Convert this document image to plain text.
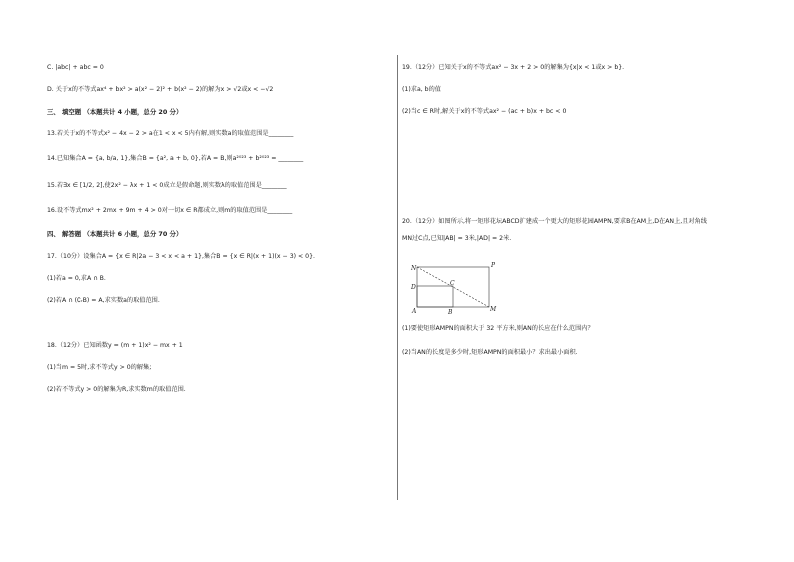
C. |abc| + abc = 0
D. 关于x的不等式ax⁴ + bx² > a(x² − 2)² + b(x² − 2)的解为x > √2或x < −√2
三、 填空题 （本题共计 4 小题，总分 20 分）
13.若关于x的不等式x² − 4x − 2 > a在1 < x < 5内有解,则实数a的取值范围是________
14.已知集合A = {a, b/a, 1},集合B = {a², a + b, 0},若A = B,则a²⁰²³ + b²⁰²³ = ________
15.若∃x ∈ [1/2, 2],使2x² − λx + 1 < 0成立是假命题,则实数λ的取值范围是________
16.设不等式mx² + 2mx + 9m + 4 > 0对一切x ∈ R都成立,则m的取值范围是________
四、 解答题 （本题共计 6 小题，总分 70 分）
17.（10分）设集合A = {x ∈ R|2a − 3 < x < a + 1},集合B = {x ∈ R|(x + 1)(x − 3) < 0}.
(1)若a = 0,求A ∩ B.
(2)若A ∩ (∁ᵣB) = A,求实数a的取值范围.
18.（12分）已知函数y = (m + 1)x² − mx + 1
(1)当m = 5时,求不等式y > 0的解集;
(2)若不等式y > 0的解集为R,求实数m的取值范围.
19.（12分）已知关于x的不等式ax² − 3x + 2 > 0的解集为{x|x < 1或x > b}.
(1)求a, b的值
(2)当c ∈ R时,解关于x的不等式ax² − (ac + b)x + bc < 0
20.（12分）如图所示,将一矩形花坛ABCD扩建成一个更大的矩形花园AMPN,要求B在AM上,D在AN上,且对角线
MN过C点,已知|AB| = 3米,|AD| = 2米.
(1)要使矩形AMPN的面积大于 32 平方米,则AN的长应在什么范围内？
(2)当AN的长度是多少时,矩形AMPN的面积最小？求出最小面积.
N	P
D
C
A	B	M
